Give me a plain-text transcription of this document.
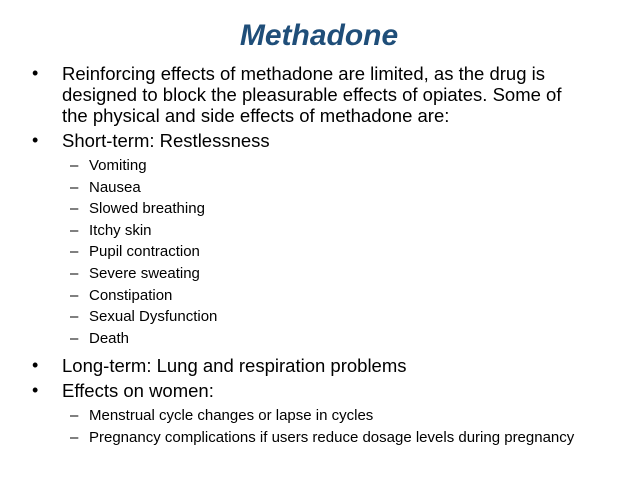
Methadone
• Reinforcing effects of methadone are limited, as the drug is
designed to block the pleasurable effects of opiates. Some of
the physical and side effects of methadone are:
• Short-term: Restlessness
– Vomiting
– Nausea
– Slowed breathing
– Itchy skin
– Pupil contraction
– Severe sweating
– Constipation
– Sexual Dysfunction
– Death
• Long-term: Lung and respiration problems
• Effects on women:
– Menstrual cycle changes or lapse in cycles
– Pregnancy complications if users reduce dosage levels during pregnancy
